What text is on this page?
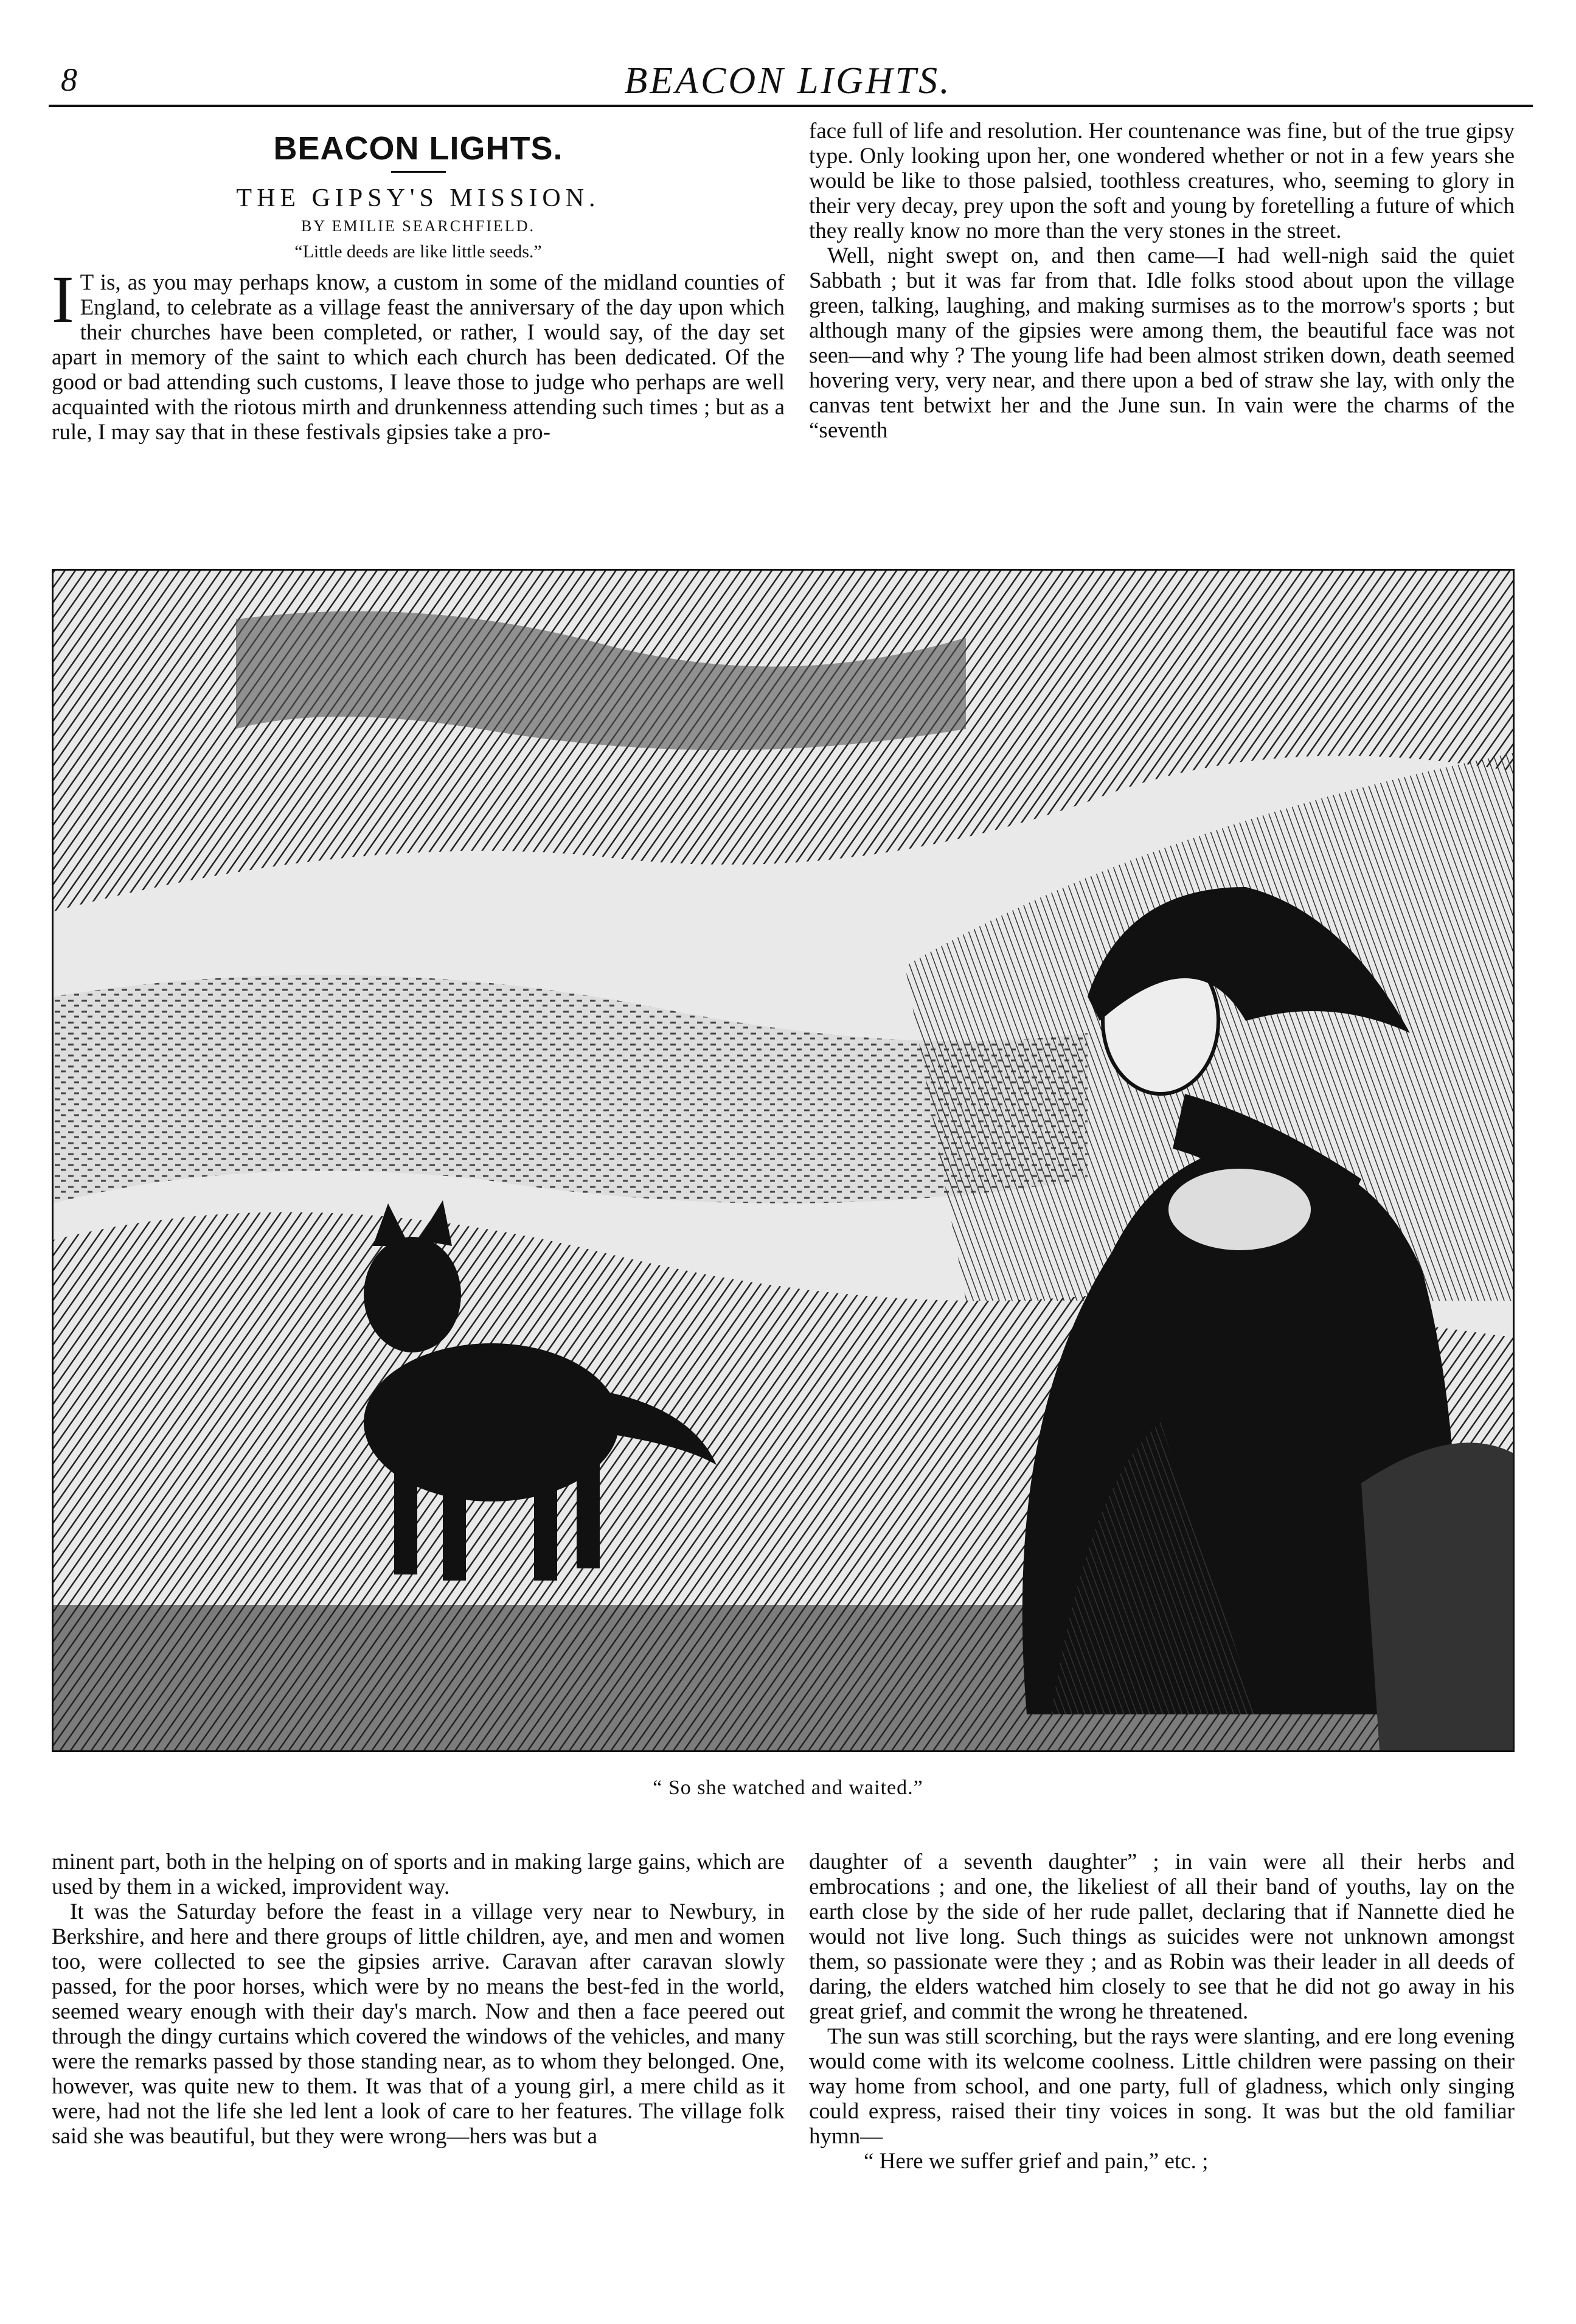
8	BEACON LIGHTS.
BEACON LIGHTS.
THE GIPSY'S MISSION.
BY EMILIE SEARCHFIELD.
“Little deeds are like little seeds.”

I T is, as you may perhaps know, a custom in some of the midland counties of England, to celebrate as a village feast the anniversary of the day upon which their churches have been completed, or rather, I would say, of the day set apart in memory of the saint to which each church has been dedicated. Of the good or bad attending such customs, I leave those to judge who perhaps are well acquainted with the riotous mirth and drunkenness attending such times ; but as a rule, I may say that in these festivals gipsies take a pro-

face full of life and resolution. Her countenance was fine, but of the true gipsy type. Only looking upon her, one wondered whether or not in a few years she would be like to those palsied, toothless creatures, who, seeming to glory in their very decay, prey upon the soft and young by foretelling a future of which they really know no more than the very stones in the street.

Well, night swept on, and then came—I had well-nigh said the quiet Sabbath ; but it was far from that. Idle folks stood about upon the village green, talking, laughing, and making surmises as to the morrow's sports ; but although many of the gipsies were among them, the beautiful face was not seen—and why ? The young life had been almost striken down, death seemed hovering very, very near, and there upon a bed of straw she lay, with only the canvas tent betwixt her and the June sun. In vain were the charms of the “seventh

“ So she watched and waited.”

minent part, both in the helping on of sports and in making large gains, which are used by them in a wicked, improvident way.

It was the Saturday before the feast in a village very near to Newbury, in Berkshire, and here and there groups of little children, aye, and men and women too, were collected to see the gipsies arrive. Caravan after caravan slowly passed, for the poor horses, which were by no means the best-fed in the world, seemed weary enough with their day's march. Now and then a face peered out through the dingy curtains which covered the windows of the vehicles, and many were the remarks passed by those standing near, as to whom they belonged. One, however, was quite new to them. It was that of a young girl, a mere child as it were, had not the life she led lent a look of care to her features. The village folk said she was beautiful, but they were wrong—hers was but a

daughter of a seventh daughter” ; in vain were all their herbs and embrocations ; and one, the likeliest of all their band of youths, lay on the earth close by the side of her rude pallet, declaring that if Nannette died he would not live long. Such things as suicides were not unknown amongst them, so passionate were they ; and as Robin was their leader in all deeds of daring, the elders watched him closely to see that he did not go away in his great grief, and commit the wrong he threatened.

The sun was still scorching, but the rays were slanting, and ere long evening would come with its welcome coolness. Little children were passing on their way home from school, and one party, full of gladness, which only singing could express, raised their tiny voices in song. It was but the old familiar hymn—

“ Here we suffer grief and pain,” etc. ;
